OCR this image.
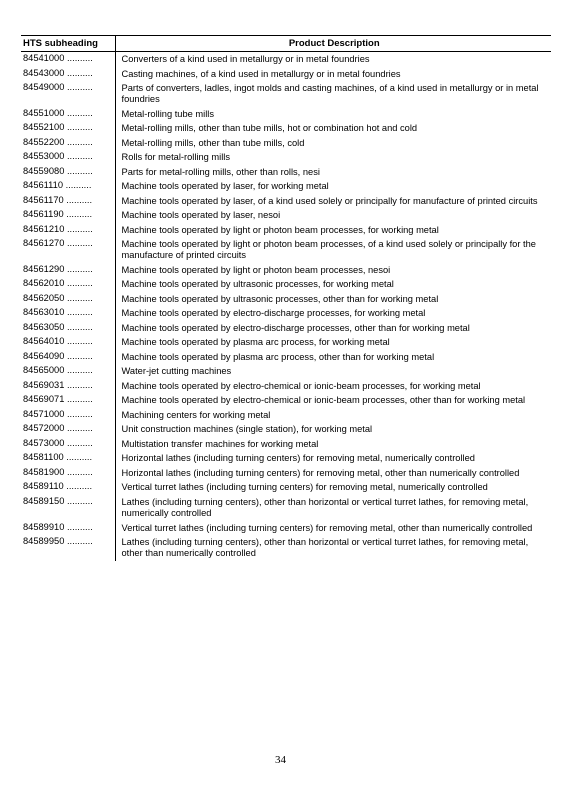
HTS subheading	Product Description
84541000 ..........	Converters of a kind used in metallurgy or in metal foundries
84543000 ..........	Casting machines, of a kind used in metallurgy or in metal foundries
84549000 ..........	Parts of converters, ladles, ingot molds and casting machines, of a kind used in metallurgy or in metal foundries
84551000 ..........	Metal-rolling tube mills
84552100 ..........	Metal-rolling mills, other than tube mills, hot or combination hot and cold
84552200 ..........	Metal-rolling mills, other than tube mills, cold
84553000 ..........	Rolls for metal-rolling mills
84559080 ..........	Parts for metal-rolling mills, other than rolls, nesi
84561110 ..........	Machine tools operated by laser, for working metal
84561170 ..........	Machine tools operated by laser, of a kind used solely or principally for manufacture of printed circuits
84561190 ..........	Machine tools operated by laser, nesoi
84561210 ..........	Machine tools operated by light or photon beam processes, for working metal
84561270 ..........	Machine tools operated by light or photon beam processes, of a kind used solely or principally for the manufacture of printed circuits
84561290 ..........	Machine tools operated by light or photon beam processes, nesoi
84562010 ..........	Machine tools operated by ultrasonic processes, for working metal
84562050 ..........	Machine tools operated by ultrasonic processes, other than for working metal
84563010 ..........	Machine tools operated by electro-discharge processes, for working metal
84563050 ..........	Machine tools operated by electro-discharge processes, other than for working metal
84564010 ..........	Machine tools operated by plasma arc process, for working metal
84564090 ..........	Machine tools operated by plasma arc process, other than for working metal
84565000 ..........	Water-jet cutting machines
84569031 ..........	Machine tools operated by electro-chemical or ionic-beam processes, for working metal
84569071 ..........	Machine tools operated by electro-chemical or ionic-beam processes, other than for working metal
84571000 ..........	Machining centers for working metal
84572000 ..........	Unit construction machines (single station), for working metal
84573000 ..........	Multistation transfer machines for working metal
84581100 ..........	Horizontal lathes (including turning centers) for removing metal, numerically controlled
84581900 ..........	Horizontal lathes (including turning centers) for removing metal, other than numerically controlled
84589110 ..........	Vertical turret lathes (including turning centers) for removing metal, numerically controlled
84589150 ..........	Lathes (including turning centers), other than horizontal or vertical turret lathes, for removing metal, numerically controlled
84589910 ..........	Vertical turret lathes (including turning centers) for removing metal, other than numerically controlled
84589950 ..........	Lathes (including turning centers), other than horizontal or vertical turret lathes, for removing metal, other than numerically controlled
34
